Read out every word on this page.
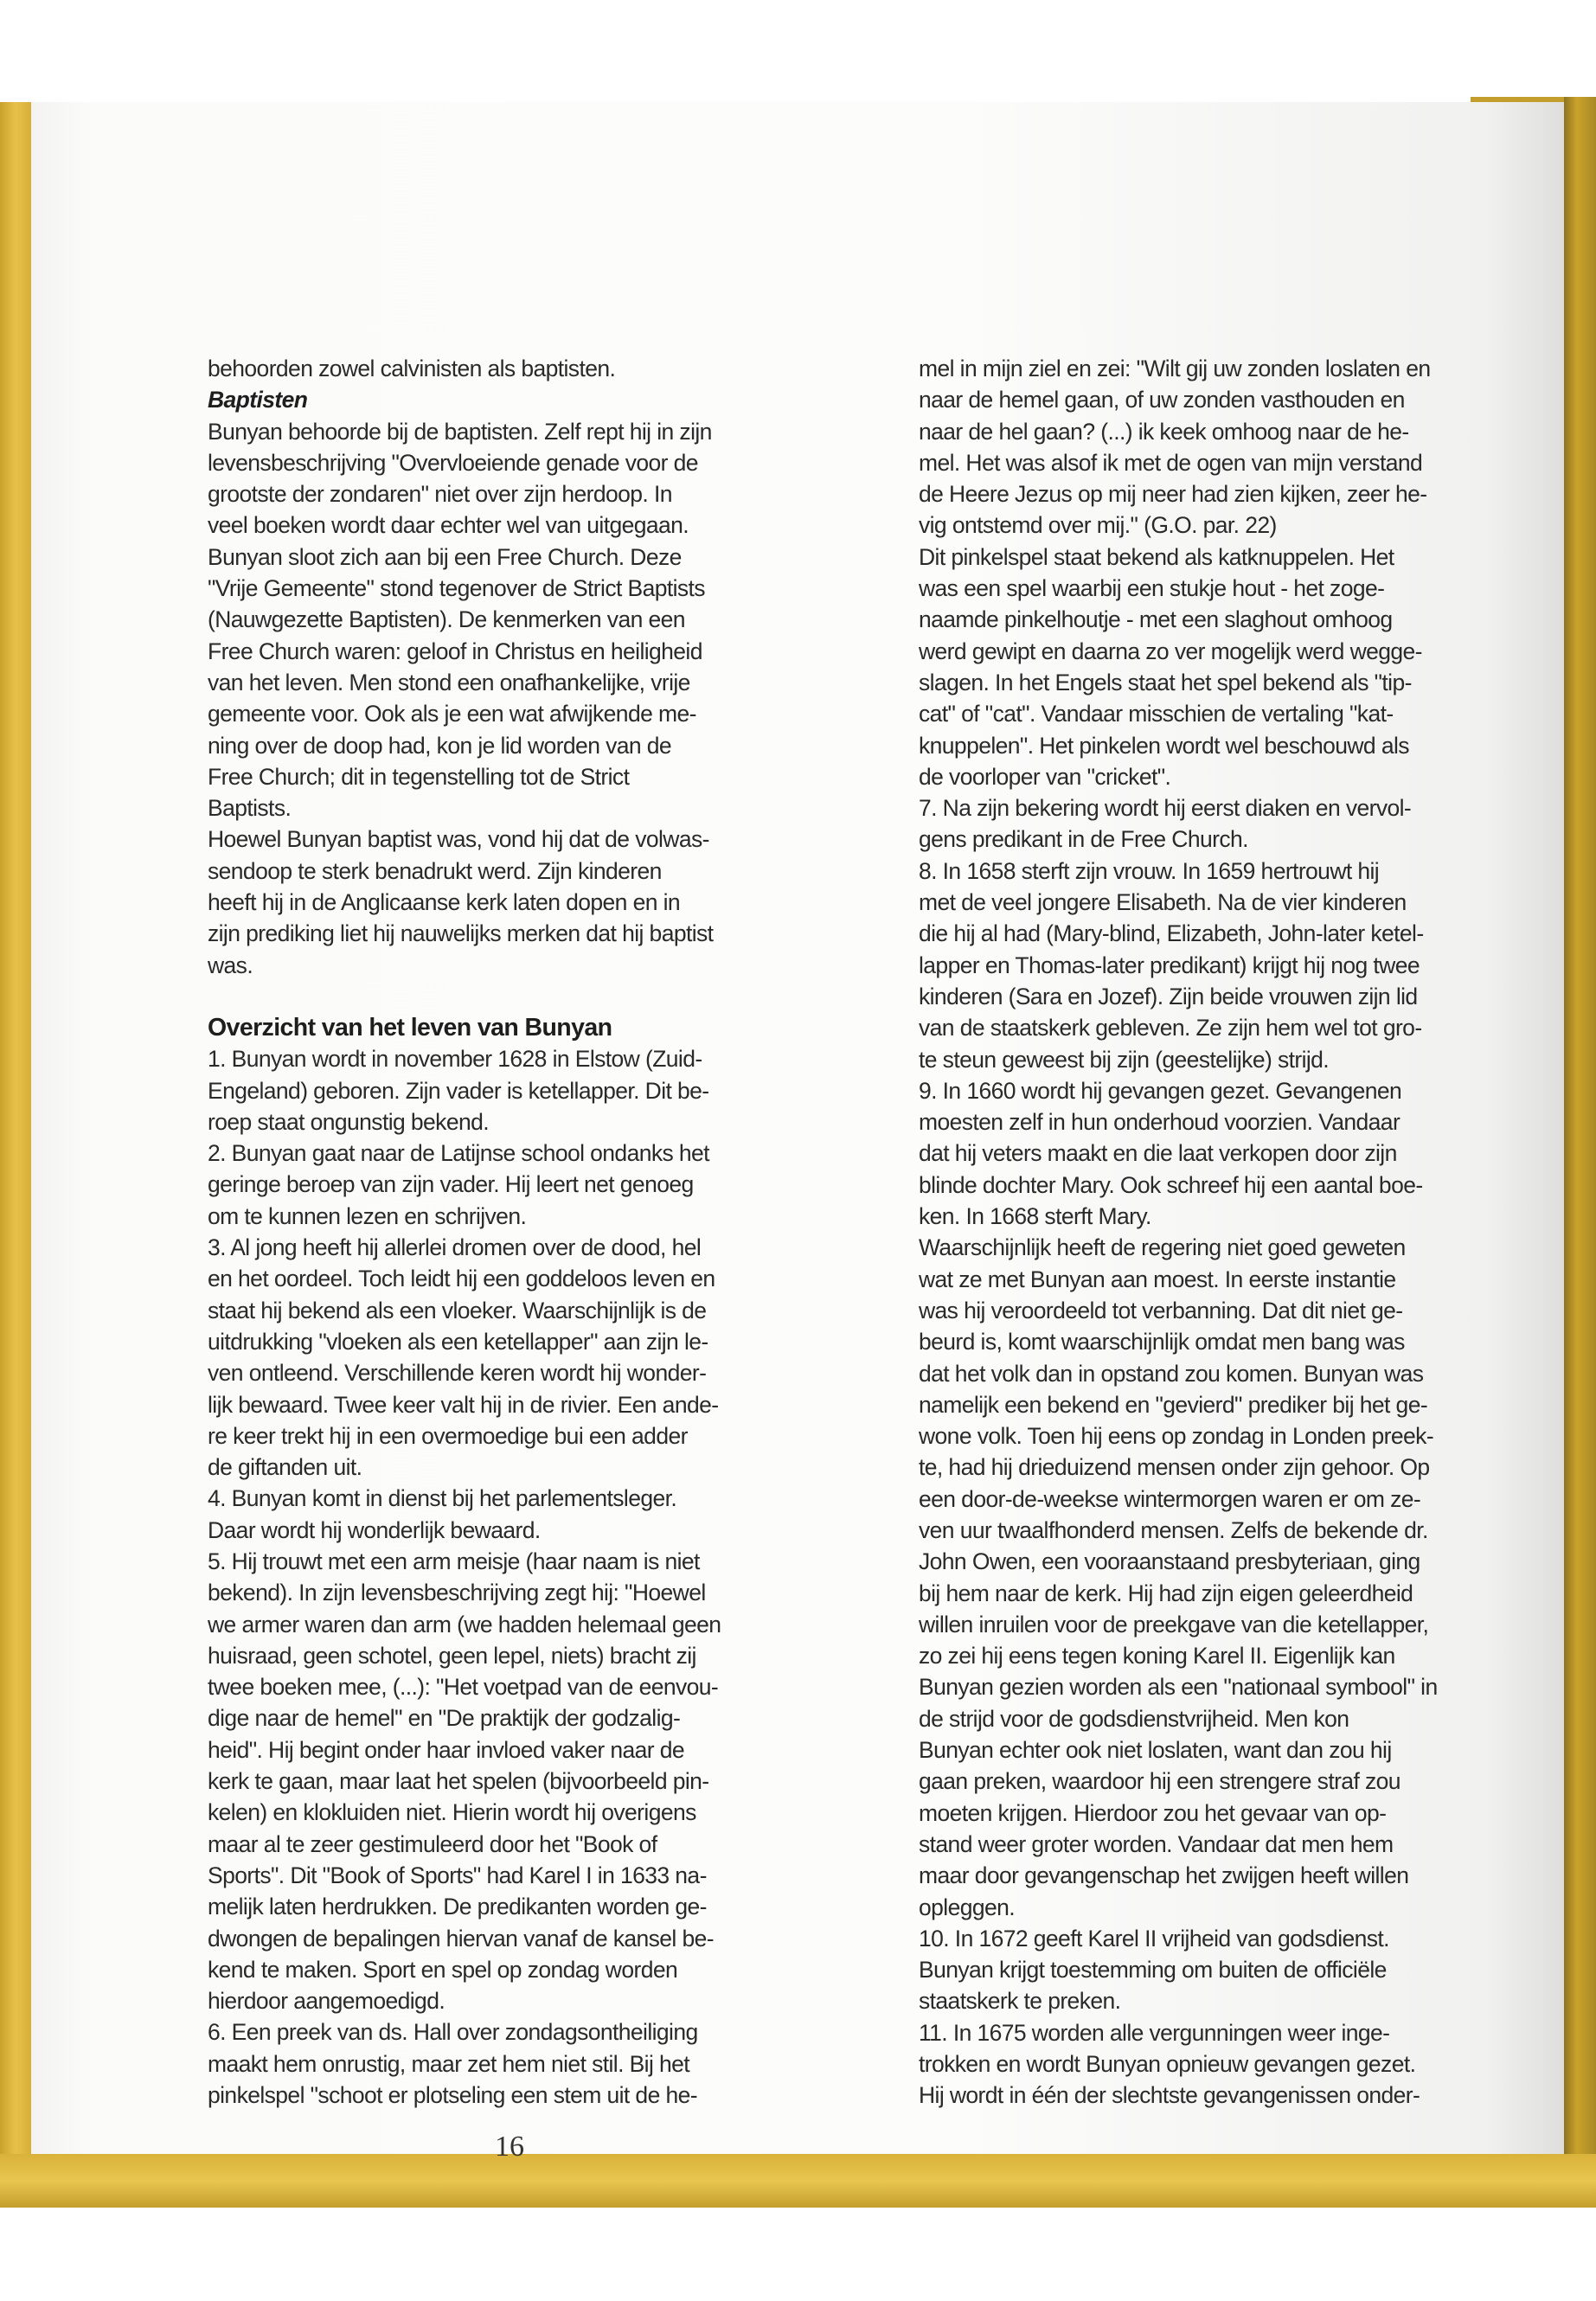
behoorden zowel calvinisten als baptisten.

Baptisten

Bunyan behoorde bij de baptisten. Zelf rept hij in zijn

levensbeschrijving "Overvloeiende genade voor de

grootste der zondaren" niet over zijn herdoop. In

veel boeken wordt daar echter wel van uitgegaan.

Bunyan sloot zich aan bij een Free Church. Deze

"Vrije Gemeente" stond tegenover de Strict Baptists

(Nauwgezette Baptisten). De kenmerken van een

Free Church waren: geloof in Christus en heiligheid

van het leven. Men stond een onafhankelijke, vrije

gemeente voor. Ook als je een wat afwijkende me-

ning over de doop had, kon je lid worden van de

Free Church; dit in tegenstelling tot de Strict

Baptists.

Hoewel Bunyan baptist was, vond hij dat de volwas-

sendoop te sterk benadrukt werd. Zijn kinderen

heeft hij in de Anglicaanse kerk laten dopen en in

zijn prediking liet hij nauwelijks merken dat hij baptist

was.

Overzicht van het leven van Bunyan

1. Bunyan wordt in november 1628 in Elstow (Zuid-

Engeland) geboren. Zijn vader is ketellapper. Dit be-

roep staat ongunstig bekend.

2. Bunyan gaat naar de Latijnse school ondanks het

geringe beroep van zijn vader. Hij leert net genoeg

om te kunnen lezen en schrijven.

3. Al jong heeft hij allerlei dromen over de dood, hel

en het oordeel. Toch leidt hij een goddeloos leven en

staat hij bekend als een vloeker. Waarschijnlijk is de

uitdrukking "vloeken als een ketellapper" aan zijn le-

ven ontleend. Verschillende keren wordt hij wonder-

lijk bewaard. Twee keer valt hij in de rivier. Een ande-

re keer trekt hij in een overmoedige bui een adder

de giftanden uit.

4. Bunyan komt in dienst bij het parlementsleger.

Daar wordt hij wonderlijk bewaard.

5. Hij trouwt met een arm meisje (haar naam is niet

bekend). In zijn levensbeschrijving zegt hij: "Hoewel

we armer waren dan arm (we hadden helemaal geen

huisraad, geen schotel, geen lepel, niets) bracht zij

twee boeken mee, (...): "Het voetpad van de eenvou-

dige naar de hemel" en "De praktijk der godzalig-

heid". Hij begint onder haar invloed vaker naar de

kerk te gaan, maar laat het spelen (bijvoorbeeld pin-

kelen) en klokluiden niet. Hierin wordt hij overigens

maar al te zeer gestimuleerd door het "Book of

Sports". Dit "Book of Sports" had Karel I in 1633 na-

melijk laten herdrukken. De predikanten worden ge-

dwongen de bepalingen hiervan vanaf de kansel be-

kend te maken. Sport en spel op zondag worden

hierdoor aangemoedigd.

6. Een preek van ds. Hall over zondagsontheiliging

maakt hem onrustig, maar zet hem niet stil. Bij het

pinkelspel "schoot er plotseling een stem uit de he-

mel in mijn ziel en zei: "Wilt gij uw zonden loslaten en

naar de hemel gaan, of uw zonden vasthouden en

naar de hel gaan? (...) ik keek omhoog naar de he-

mel. Het was alsof ik met de ogen van mijn verstand

de Heere Jezus op mij neer had zien kijken, zeer he-

vig ontstemd over mij." (G.O. par. 22)

Dit pinkelspel staat bekend als katknuppelen. Het

was een spel waarbij een stukje hout - het zoge-

naamde pinkelhoutje - met een slaghout omhoog

werd gewipt en daarna zo ver mogelijk werd wegge-

slagen. In het Engels staat het spel bekend als "tip-

cat" of "cat". Vandaar misschien de vertaling "kat-

knuppelen". Het pinkelen wordt wel beschouwd als

de voorloper van "cricket".

7. Na zijn bekering wordt hij eerst diaken en vervol-

gens predikant in de Free Church.

8. In 1658 sterft zijn vrouw. In 1659 hertrouwt hij

met de veel jongere Elisabeth. Na de vier kinderen

die hij al had (Mary-blind, Elizabeth, John-later ketel-

lapper en Thomas-later predikant) krijgt hij nog twee

kinderen (Sara en Jozef). Zijn beide vrouwen zijn lid

van de staatskerk gebleven. Ze zijn hem wel tot gro-

te steun geweest bij zijn (geestelijke) strijd.

9. In 1660 wordt hij gevangen gezet. Gevangenen

moesten zelf in hun onderhoud voorzien. Vandaar

dat hij veters maakt en die laat verkopen door zijn

blinde dochter Mary. Ook schreef hij een aantal boe-

ken. In 1668 sterft Mary.

Waarschijnlijk heeft de regering niet goed geweten

wat ze met Bunyan aan moest. In eerste instantie

was hij veroordeeld tot verbanning. Dat dit niet ge-

beurd is, komt waarschijnlijk omdat men bang was

dat het volk dan in opstand zou komen. Bunyan was

namelijk een bekend en "gevierd" prediker bij het ge-

wone volk. Toen hij eens op zondag in Londen preek-

te, had hij drieduizend mensen onder zijn gehoor. Op

een door-de-weekse wintermorgen waren er om ze-

ven uur twaalfhonderd mensen. Zelfs de bekende dr.

John Owen, een vooraanstaand presbyteriaan, ging

bij hem naar de kerk. Hij had zijn eigen geleerdheid

willen inruilen voor de preekgave van die ketellapper,

zo zei hij eens tegen koning Karel II. Eigenlijk kan

Bunyan gezien worden als een "nationaal symbool" in

de strijd voor de godsdienstvrijheid. Men kon

Bunyan echter ook niet loslaten, want dan zou hij

gaan preken, waardoor hij een strengere straf zou

moeten krijgen. Hierdoor zou het gevaar van op-

stand weer groter worden. Vandaar dat men hem

maar door gevangenschap het zwijgen heeft willen

opleggen.

10. In 1672 geeft Karel II vrijheid van godsdienst.

Bunyan krijgt toestemming om buiten de officiële

staatskerk te preken.

11. In 1675 worden alle vergunningen weer inge-

trokken en wordt Bunyan opnieuw gevangen gezet.

Hij wordt in één der slechtste gevangenissen onder-

16
